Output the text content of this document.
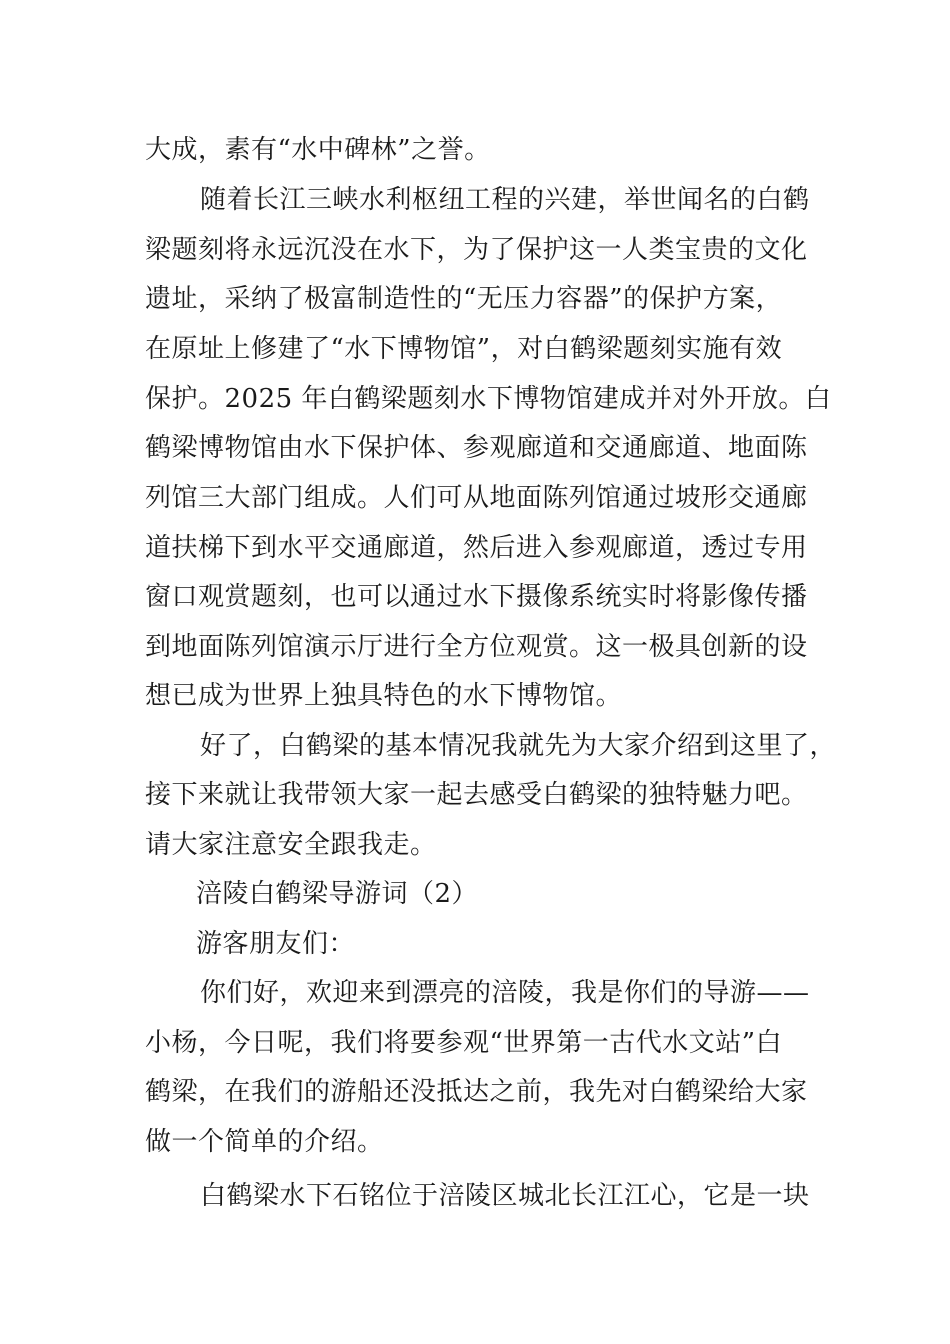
大成，素有“水中碑林”之誉。
随着长江三峡水利枢纽工程的兴建，举世闻名的白鹤
梁题刻将永远沉没在水下，为了保护这一人类宝贵的文化
遗址，采纳了极富制造性的“无压力容器”的保护方案，
在原址上修建了“水下博物馆”，对白鹤梁题刻实施有效
保护。2025 年白鹤梁题刻水下博物馆建成并对外开放。白
鹤梁博物馆由水下保护体、参观廊道和交通廊道、地面陈
列馆三大部门组成。人们可从地面陈列馆通过坡形交通廊
道扶梯下到水平交通廊道，然后进入参观廊道，透过专用
窗口观赏题刻，也可以通过水下摄像系统实时将影像传播
到地面陈列馆演示厅进行全方位观赏。这一极具创新的设
想已成为世界上独具特色的水下博物馆。
好了，白鹤梁的基本情况我就先为大家介绍到这里了，
接下来就让我带领大家一起去感受白鹤梁的独特魅力吧。
请大家注意安全跟我走。
涪陵白鹤梁导游词（2）
游客朋友们：
你们好，欢迎来到漂亮的涪陵，我是你们的导游——
小杨，今日呢，我们将要参观“世界第一古代水文站”白
鹤梁，在我们的游船还没抵达之前，我先对白鹤梁给大家
做一个简单的介绍。
白鹤梁水下石铭位于涪陵区城北长江江心，它是一块
